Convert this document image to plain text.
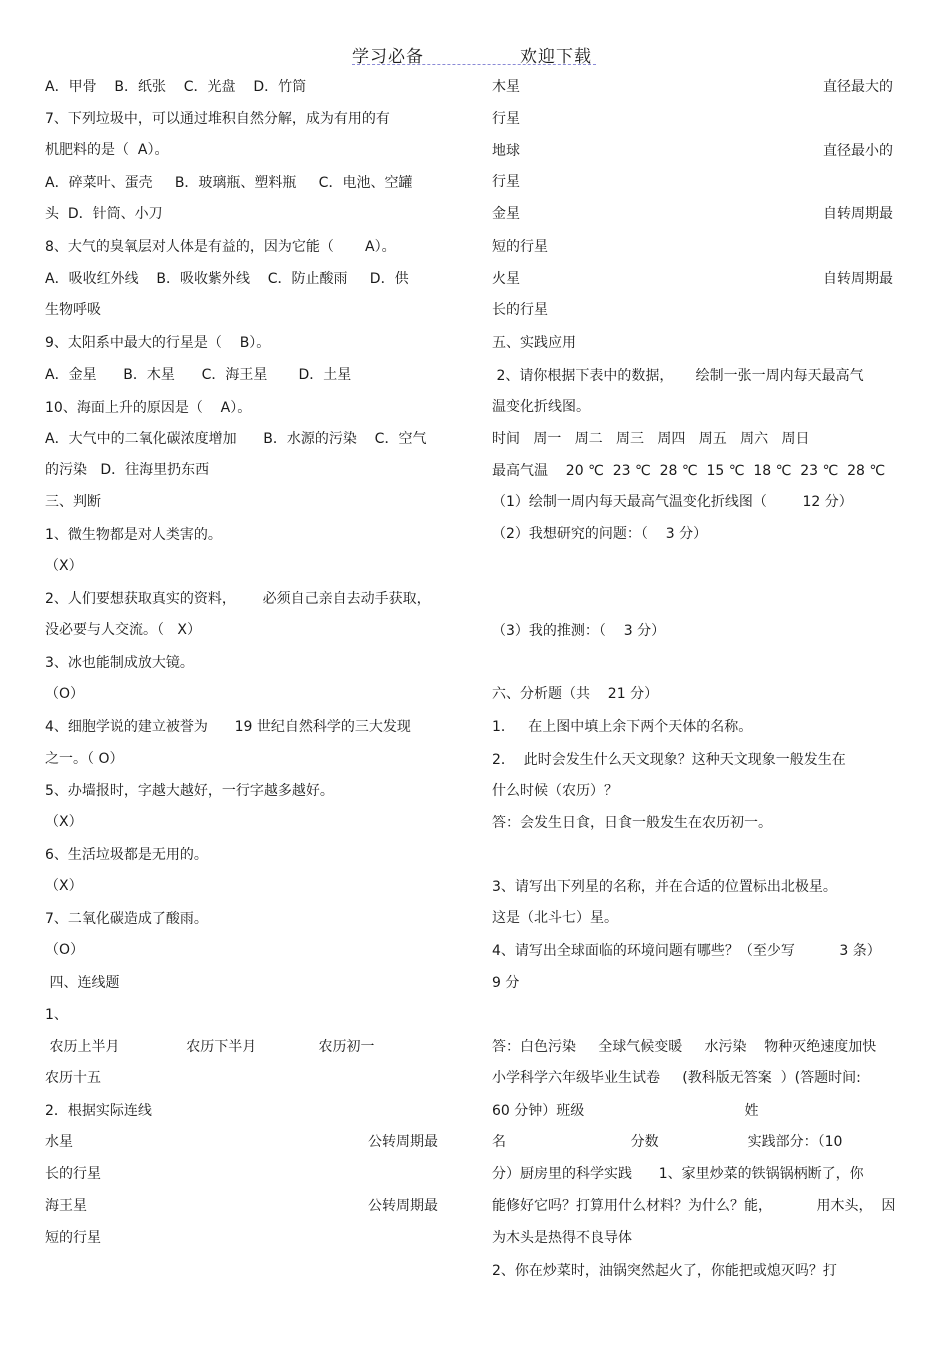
学习必备	欢迎下载
A．甲骨    B．纸张    C．光盘    D．竹筒
7、下列垃圾中，可以通过堆积自然分解，成为有用的有
机肥料的是（  A）。
A．碎菜叶、蛋壳     B．玻璃瓶、塑料瓶     C．电池、空罐
头  D．针筒、小刀
8、大气的臭氧层对人体是有益的，因为它能（       A）。
A．吸收红外线    B．吸收紫外线    C．防止酸雨     D．供
生物呼吸
9、太阳系中最大的行星是（    B）。
A．金星      B．木星      C．海王星       D．土星
10、海面上升的原因是（    A）。
A．大气中的二氧化碳浓度增加      B．水源的污染    C．空气
的污染   D．往海里扔东西
三、判断
1、微生物都是对人类害的。
（X）
2、人们要想获取真实的资料，      必须自己亲自去动手获取，
没必要与人交流。（   X）
3、冰也能制成放大镜。
（O）
4、细胞学说的建立被誉为      19 世纪自然科学的三大发现
之一。（ O）
5、办墙报时，字越大越好，一行字越多越好。
（X）
6、生活垃圾都是无用的。
（X）
7、二氧化碳造成了酸雨。
（O）
四、连线题
1、
农历上半月               农历下半月              农历初一
农历十五
2．根据实际连线
水星	公转周期最
长的行星
海王星	公转周期最
短的行星
木星	直径最大的
行星
地球	直径最小的
行星
金星	自转周期最
短的行星
火星	自转周期最
长的行星
五、实践应用
2、请你根据下表中的数据，     绘制一张一周内每天最高气
温变化折线图。
时间   周一   周二   周三   周四   周五   周六   周日
最高气温    20 ℃  23 ℃  28 ℃  15 ℃  18 ℃  23 ℃  28 ℃
（1）绘制一周内每天最高气温变化折线图（        12 分）
（2）我想研究的问题：（    3 分）
（3）我的推测：（    3 分）
六、分析题（共    21 分）
1．   在上图中填上余下两个天体的名称。
2．  此时会发生什么天文现象？这种天文现象一般发生在
什么时候（农历）？
答：会发生日食，日食一般发生在农历初一。
3、请写出下列星的名称，并在合适的位置标出北极星。
这是（北斗七）星。
4、请写出全球面临的环境问题有哪些？（至少写          3 条）
9 分
答：白色污染     全球气候变暖     水污染    物种灭绝速度加快
小学科学六年级毕业生试卷     (教科版无答案  ）(答题时间:
60 分钟）班级                                    姓
名                            分数                    实践部分：（10
分）厨房里的科学实践      1、家里炒菜的铁锅锅柄断了，你
能修好它吗？打算用什么材料？为什么？能，          用木头，  因
为木头是热得不良导体
2、你在炒菜时，油锅突然起火了，你能把或熄灭吗？打
